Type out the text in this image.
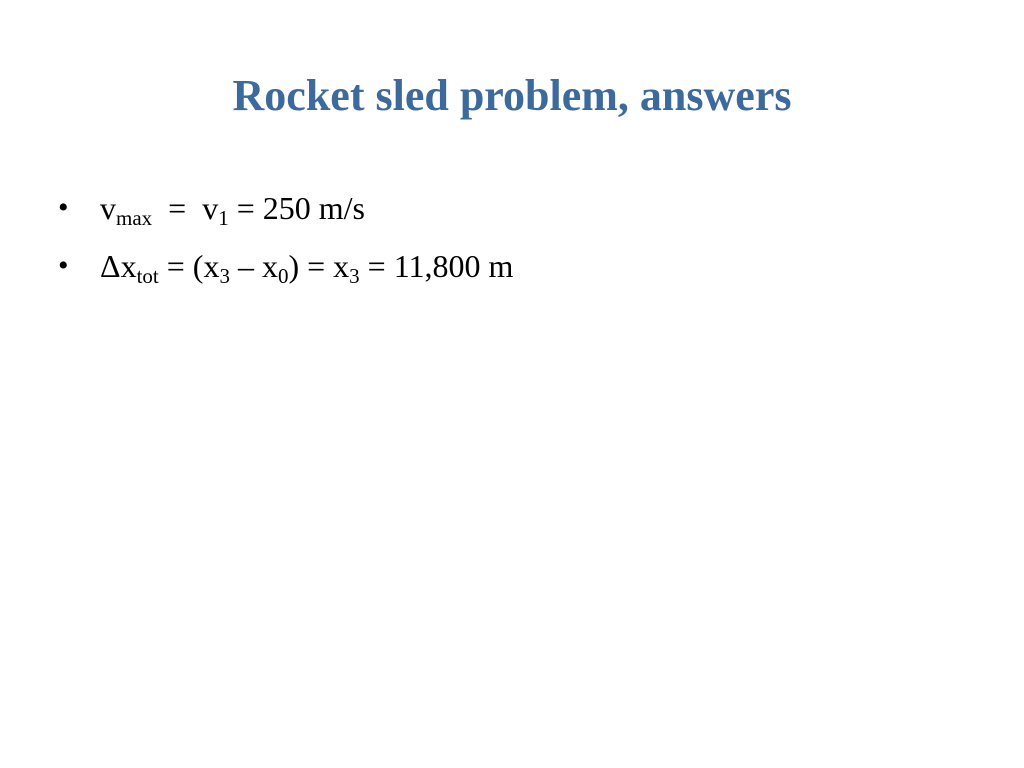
Rocket sled problem, answers
• $v_{max} = v_1 = 250$ m/s
• $\Delta x_{tot} = (x_3 - x_0) = x_3 = 11,800$ m
